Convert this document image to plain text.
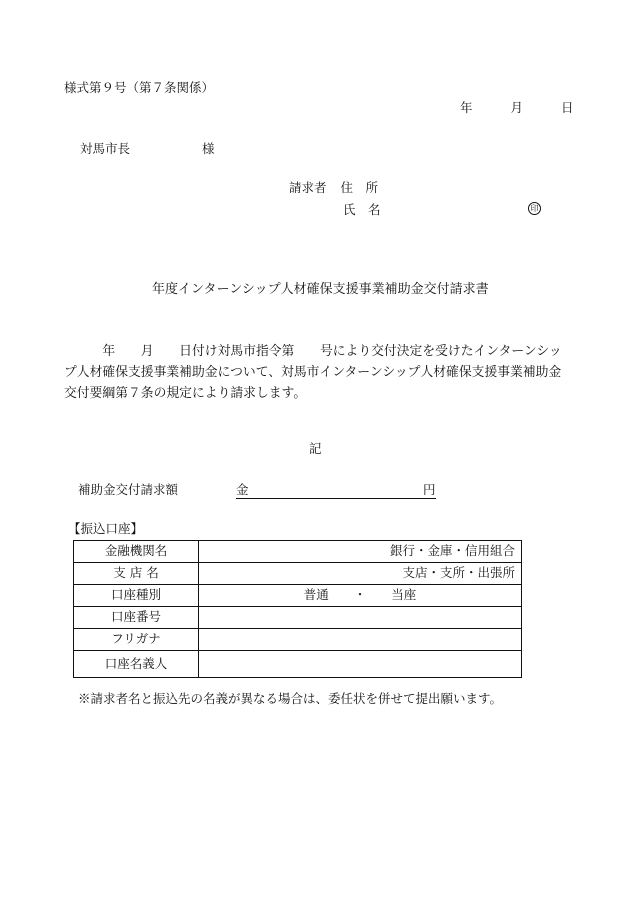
様式第９号（第７条関係）
年	月	日
対馬市長	様
請求者 住　所
氏　名	印
年度インターンシップ人材確保支援事業補助金交付請求書
　　　年　　月　　日付け対馬市指令第　　号により交付決定を受けたインターンシップ人材確保支援事業補助金について、対馬市インターンシップ人材確保支援事業補助金交付要綱第７条の規定により請求します。
記
補助金交付請求額	金	円
【振込口座】
金融機関名	銀行・金庫・信用組合
支 店 名	支店・支所・出張所
口座種別	普通　　・　　当座
口座番号	
フリガナ	
口座名義人	
※請求者名と振込先の名義が異なる場合は、委任状を併せて提出願います。
